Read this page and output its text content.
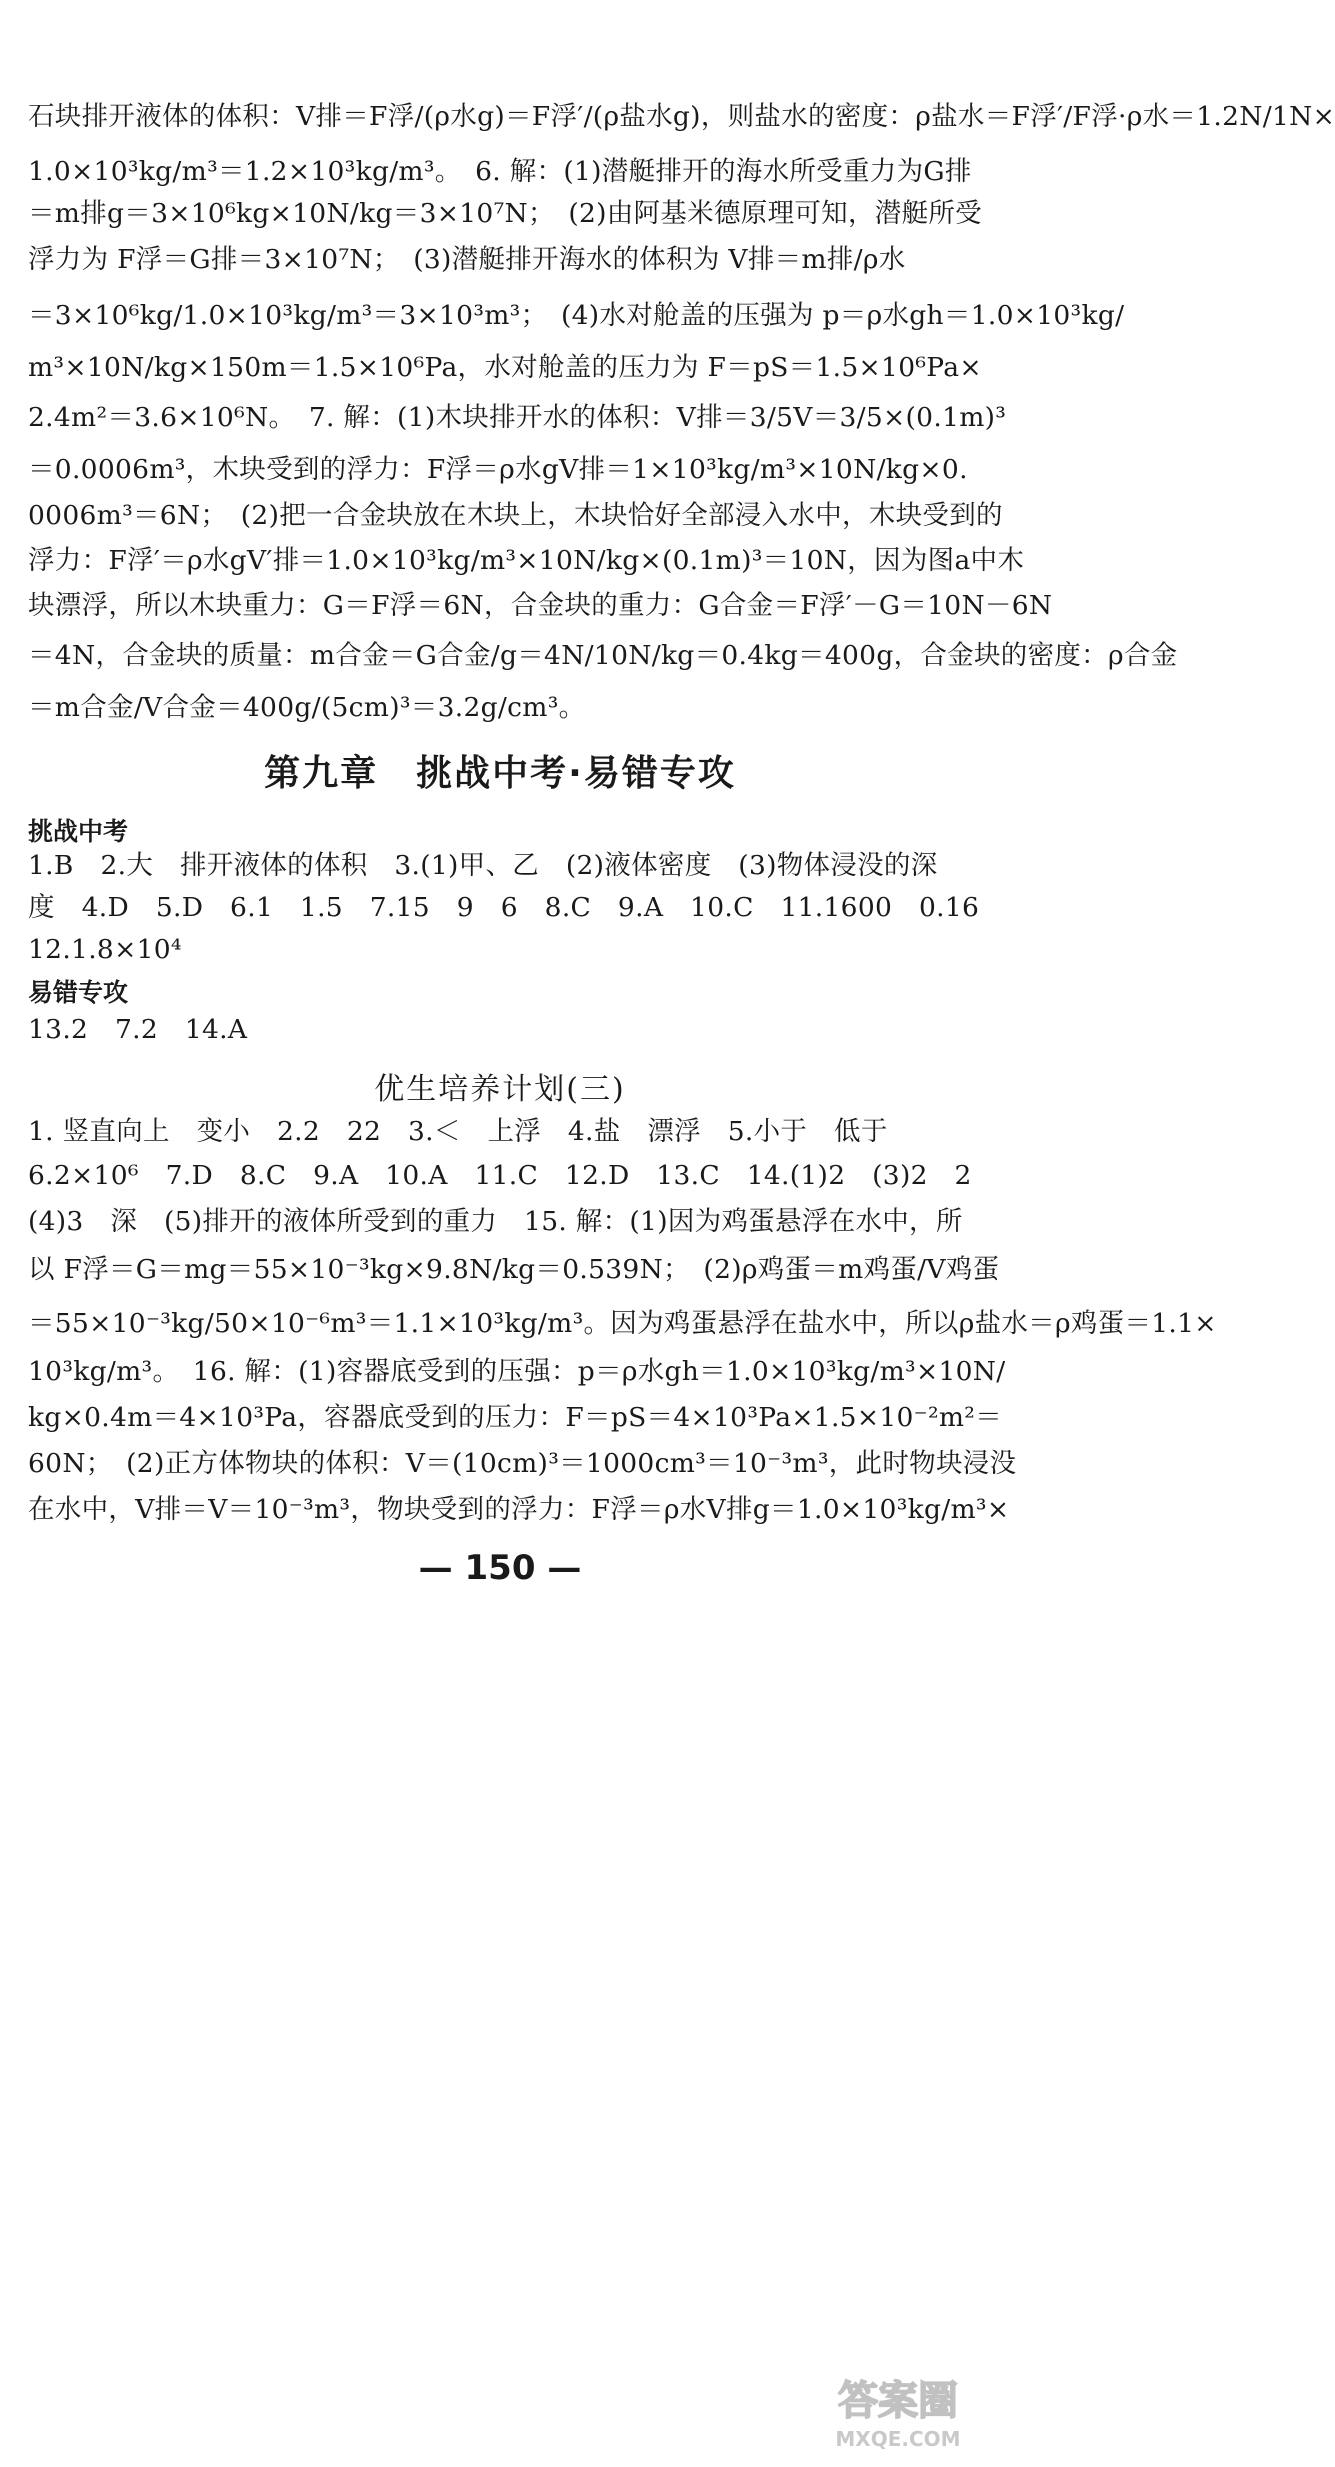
石块排开液体的体积：V排＝F浮/(ρ水g)＝F浮′/(ρ盐水g)，则盐水的密度：ρ盐水＝F浮′/F浮·ρ水＝1.2N/1N×
1.0×10³kg/m³＝1.2×10³kg/m³。　6. 解：(1)潜艇排开的海水所受重力为G排
＝m排g＝3×10⁶kg×10N/kg＝3×10⁷N；　(2)由阿基米德原理可知，潜艇所受
浮力为 F浮＝G排＝3×10⁷N；　(3)潜艇排开海水的体积为 V排＝m排/ρ水
＝3×10⁶kg/1.0×10³kg/m³＝3×10³m³；　(4)水对舱盖的压强为 p＝ρ水gh＝1.0×10³kg/
m³×10N/kg×150m＝1.5×10⁶Pa，水对舱盖的压力为 F＝pS＝1.5×10⁶Pa×
2.4m²＝3.6×10⁶N。　7. 解：(1)木块排开水的体积：V排＝3/5V＝3/5×(0.1m)³
＝0.0006m³，木块受到的浮力：F浮＝ρ水gV排＝1×10³kg/m³×10N/kg×0.
0006m³＝6N；　(2)把一合金块放在木块上，木块恰好全部浸入水中，木块受到的
浮力：F浮′＝ρ水gV′排＝1.0×10³kg/m³×10N/kg×(0.1m)³＝10N，因为图a中木
块漂浮，所以木块重力：G＝F浮＝6N，合金块的重力：G合金＝F浮′－G＝10N－6N
＝4N，合金块的质量：m合金＝G合金/g＝4N/10N/kg＝0.4kg＝400g，合金块的密度：ρ合金
＝m合金/V合金＝400g/(5cm)³＝3.2g/cm³。
第九章　挑战中考·易错专攻
挑战中考
1.B　2.大　排开液体的体积　3.(1)甲、乙　(2)液体密度　(3)物体浸没的深
度　4.D　5.D　6.1　1.5　7.15　9　6　8.C　9.A　10.C　11.1600　0.16
12.1.8×10⁴
易错专攻
13.2　7.2　14.A
优生培养计划(三)
1. 竖直向上　变小　2.2　22　3.＜　上浮　4.盐　漂浮　5.小于　低于
6.2×10⁶　7.D　8.C　9.A　10.A　11.C　12.D　13.C　14.(1)2　(3)2　2
(4)3　深　(5)排开的液体所受到的重力　15. 解：(1)因为鸡蛋悬浮在水中，所
以 F浮＝G＝mg＝55×10⁻³kg×9.8N/kg＝0.539N；　(2)ρ鸡蛋＝m鸡蛋/V鸡蛋
＝55×10⁻³kg/50×10⁻⁶m³＝1.1×10³kg/m³。因为鸡蛋悬浮在盐水中，所以ρ盐水＝ρ鸡蛋＝1.1×
10³kg/m³。　16. 解：(1)容器底受到的压强：p＝ρ水gh＝1.0×10³kg/m³×10N/
kg×0.4m＝4×10³Pa，容器底受到的压力：F＝pS＝4×10³Pa×1.5×10⁻²m²＝
60N；　(2)正方体物块的体积：V＝(10cm)³＝1000cm³＝10⁻³m³，此时物块浸没
在水中，V排＝V＝10⁻³m³，物块受到的浮力：F浮＝ρ水V排g＝1.0×10³kg/m³×
— 150 —
答案圈
MXQE.COM
